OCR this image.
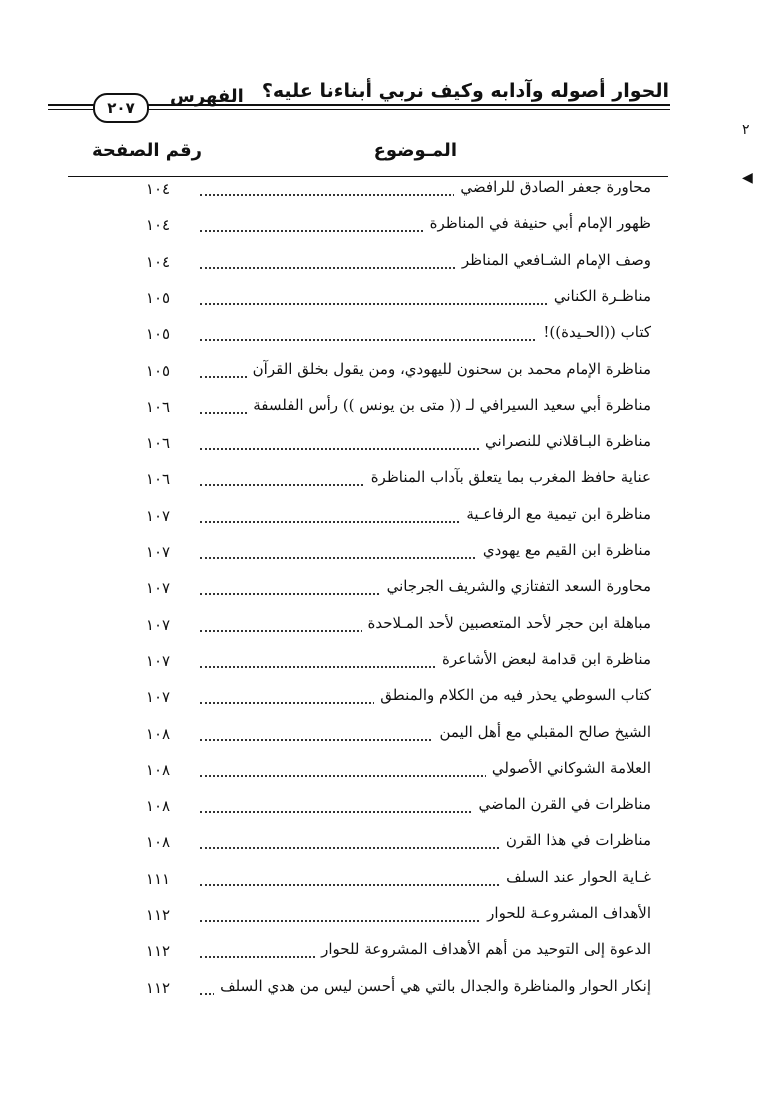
الحوار أصوله وآدابه وكيف نربي أبناءنا عليه؟
الفهرس
٢٠٧
المـوضوع
رقم الصفحة
محاورة جعفر الصادق للرافضي
١٠٤
ظهور الإمام أبي حنيفة في المناظرة
١٠٤
وصف الإمام الشـافعي المناظر
١٠٤
مناظـرة الكناني
١٠٥
كتاب ((الحـيدة))!
١٠٥
مناظرة الإمام محمد بن سحنون لليهودي، ومن يقول بخلق القرآن
١٠٥
مناظرة أبي سعيد السيرافي لـ (( متى بن يونس )) رأس الفلسفة
١٠٦
مناظرة البـاقلاني للنصراني
١٠٦
عناية حافظ المغرب بما يتعلق بآداب المناظرة
١٠٦
مناظرة ابن تيمية مع الرفاعـية
١٠٧
مناظرة ابن القيم مع يهودي
١٠٧
محاورة السعد التفتازي والشريف الجرجاني
١٠٧
مباهلة ابن حجر لأحد المتعصبين لأحد المـلاحدة
١٠٧
مناظرة ابن قدامة لبعض الأشاعرة
١٠٧
كتاب السوطي يحذر فيه من الكلام والمنطق
١٠٧
الشيخ صالح المقبلي مع أهل اليمن
١٠٨
العلامة الشوكاني الأصولي
١٠٨
مناظرات في القرن الماضي
١٠٨
مناظرات في هذا القرن
١٠٨
غـاية الحوار عند السلف
١١١
الأهداف المشروعـة للحوار
١١٢
الدعوة إلى التوحيد من أهم الأهداف المشروعة للحوار
١١٢
إنكار الحوار والمناظرة والجدال بالتي هي أحسن ليس من هدي السلف
١١٢
٢
◀
